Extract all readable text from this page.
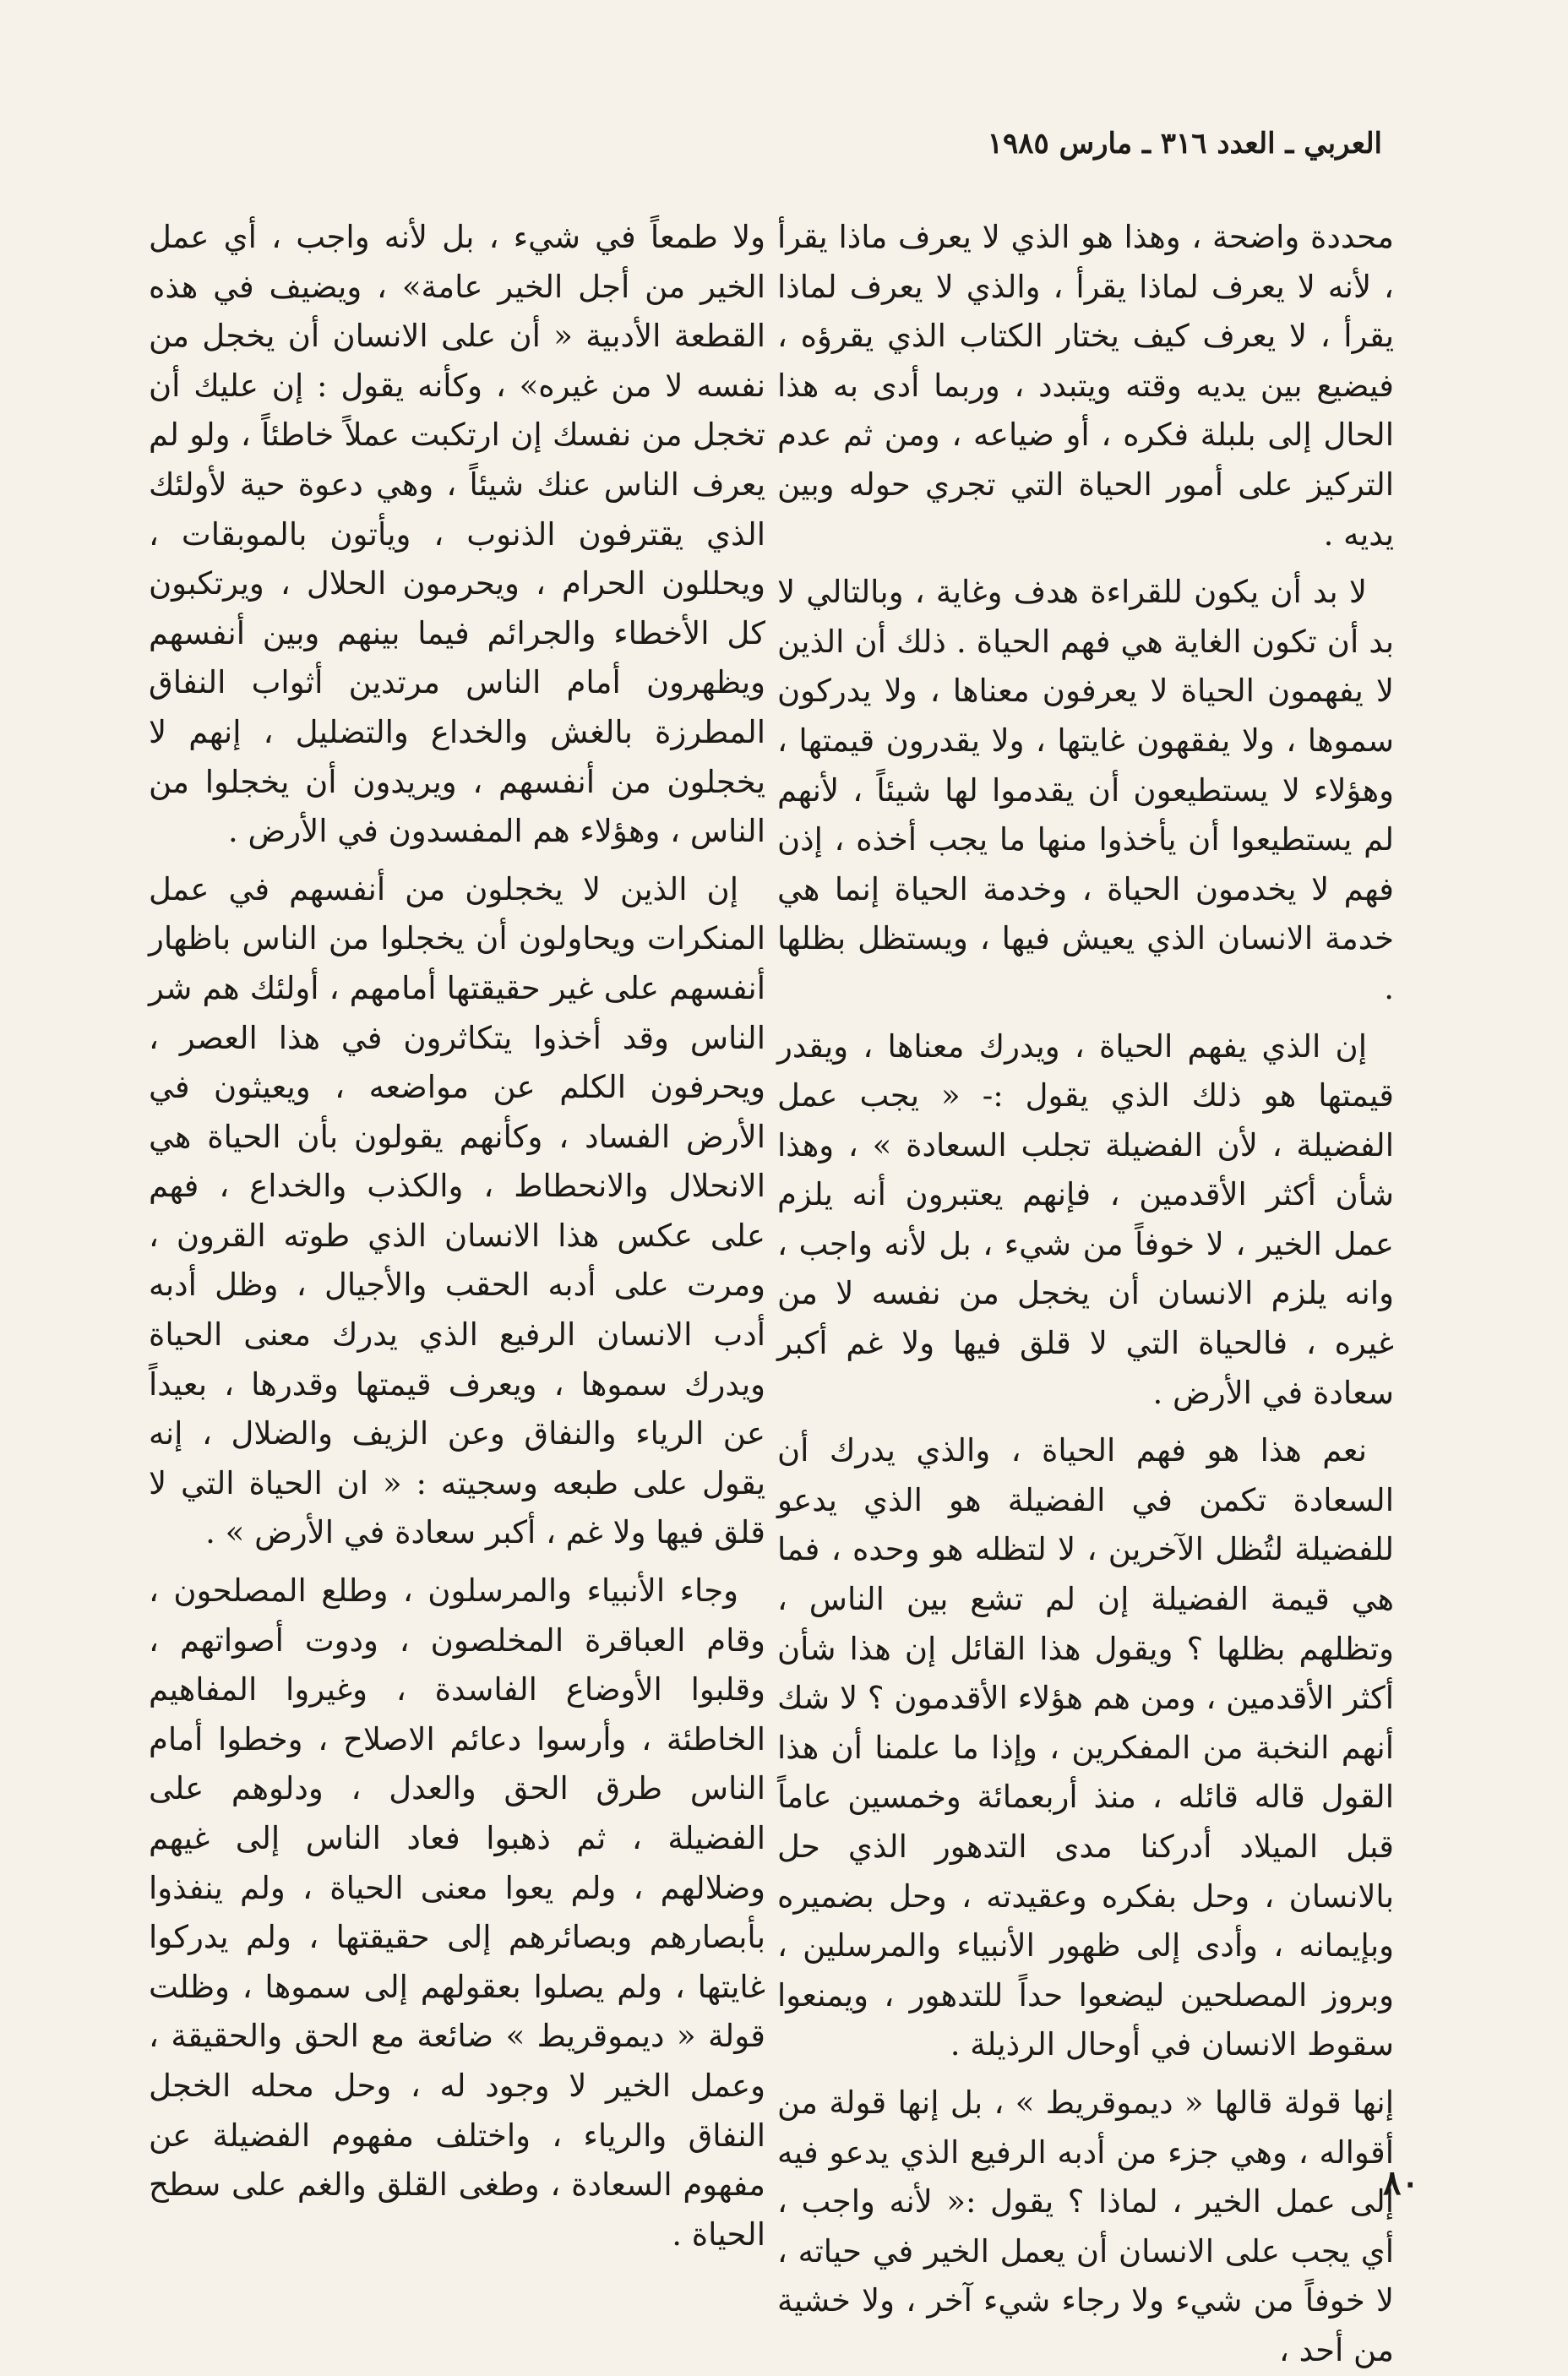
العربي ـ العدد ٣١٦ ـ مارس ١٩٨٥

محددة واضحة ، وهذا هو الذي لا يعرف ماذا يقرأ ، لأنه لا يعرف لماذا يقرأ ، والذي لا يعرف لماذا يقرأ ، لا يعرف كيف يختار الكتاب الذي يقرؤه ، فيضيع بين يديه وقته ويتبدد ، وربما أدى به هذا الحال إلى بلبلة فكره ، أو ضياعه ، ومن ثم عدم التركيز على أمور الحياة التي تجري حوله وبين يديه .

لا بد أن يكون للقراءة هدف وغاية ، وبالتالي لا بد أن تكون الغاية هي فهم الحياة . ذلك أن الذين لا يفهمون الحياة لا يعرفون معناها ، ولا يدركون سموها ، ولا يفقهون غايتها ، ولا يقدرون قيمتها ، وهؤلاء لا يستطيعون أن يقدموا لها شيئاً ، لأنهم لم يستطيعوا أن يأخذوا منها ما يجب أخذه ، إذن فهم لا يخدمون الحياة ، وخدمة الحياة إنما هي خدمة الانسان الذي يعيش فيها ، ويستظل بظلها .

إن الذي يفهم الحياة ، ويدرك معناها ، ويقدر قيمتها هو ذلك الذي يقول :- « يجب عمل الفضيلة ، لأن الفضيلة تجلب السعادة » ، وهذا شأن أكثر الأقدمين ، فإنهم يعتبرون أنه يلزم عمل الخير ، لا خوفاً من شيء ، بل لأنه واجب ، وانه يلزم الانسان أن يخجل من نفسه لا من غيره ، فالحياة التي لا قلق فيها ولا غم أكبر سعادة في الأرض .

نعم هذا هو فهم الحياة ، والذي يدرك أن السعادة تكمن في الفضيلة هو الذي يدعو للفضيلة لتُظل الآخرين ، لا لتظله هو وحده ، فما هي قيمة الفضيلة إن لم تشع بين الناس ، وتظلهم بظلها ؟ ويقول هذا القائل إن هذا شأن أكثر الأقدمين ، ومن هم هؤلاء الأقدمون ؟ لا شك أنهم النخبة من المفكرين ، وإذا ما علمنا أن هذا القول قاله قائله ، منذ أربعمائة وخمسين عاماً قبل الميلاد أدركنا مدى التدهور الذي حل بالانسان ، وحل بفكره وعقيدته ، وحل بضميره وبإيمانه ، وأدى إلى ظهور الأنبياء والمرسلين ، وبروز المصلحين ليضعوا حداً للتدهور ، ويمنعوا سقوط الانسان في أوحال الرذيلة .

إنها قولة قالها « ديموقريط » ، بل إنها قولة من أقواله ، وهي جزء من أدبه الرفيع الذي يدعو فيه إلى عمل الخير ، لماذا ؟ يقول :« لأنه واجب ، أي يجب على الانسان أن يعمل الخير في حياته ، لا خوفاً من شيء ولا رجاء شيء آخر ، ولا خشية من أحد ،

ولا طمعاً في شيء ، بل لأنه واجب ، أي عمل الخير من أجل الخير عامة» ، ويضيف في هذه القطعة الأدبية « أن على الانسان أن يخجل من نفسه لا من غيره» ، وكأنه يقول : إن عليك أن تخجل من نفسك إن ارتكبت عملاً خاطئاً ، ولو لم يعرف الناس عنك شيئاً ، وهي دعوة حية لأولئك الذي يقترفون الذنوب ، ويأتون بالموبقات ، ويحللون الحرام ، ويحرمون الحلال ، ويرتكبون كل الأخطاء والجرائم فيما بينهم وبين أنفسهم ويظهرون أمام الناس مرتدين أثواب النفاق المطرزة بالغش والخداع والتضليل ، إنهم لا يخجلون من أنفسهم ، ويريدون أن يخجلوا من الناس ، وهؤلاء هم المفسدون في الأرض .

إن الذين لا يخجلون من أنفسهم في عمل المنكرات ويحاولون أن يخجلوا من الناس باظهار أنفسهم على غير حقيقتها أمامهم ، أولئك هم شر الناس وقد أخذوا يتكاثرون في هذا العصر ، ويحرفون الكلم عن مواضعه ، ويعيثون في الأرض الفساد ، وكأنهم يقولون بأن الحياة هي الانحلال والانحطاط ، والكذب والخداع ، فهم على عكس هذا الانسان الذي طوته القرون ، ومرت على أدبه الحقب والأجيال ، وظل أدبه أدب الانسان الرفيع الذي يدرك معنى الحياة ويدرك سموها ، ويعرف قيمتها وقدرها ، بعيداً عن الرياء والنفاق وعن الزيف والضلال ، إنه يقول على طبعه وسجيته : « ان الحياة التي لا قلق فيها ولا غم ، أكبر سعادة في الأرض » .

وجاء الأنبياء والمرسلون ، وطلع المصلحون ، وقام العباقرة المخلصون ، ودوت أصواتهم ، وقلبوا الأوضاع الفاسدة ، وغيروا المفاهيم الخاطئة ، وأرسوا دعائم الاصلاح ، وخطوا أمام الناس طرق الحق والعدل ، ودلوهم على الفضيلة ، ثم ذهبوا فعاد الناس إلى غيهم وضلالهم ، ولم يعوا معنى الحياة ، ولم ينفذوا بأبصارهم وبصائرهم إلى حقيقتها ، ولم يدركوا غايتها ، ولم يصلوا بعقولهم إلى سموها ، وظلت قولة « ديموقريط » ضائعة مع الحق والحقيقة ، وعمل الخير لا وجود له ، وحل محله الخجل النفاق والرياء ، واختلف مفهوم الفضيلة عن مفهوم السعادة ، وطغى القلق والغم على سطح الحياة .

٨٠
